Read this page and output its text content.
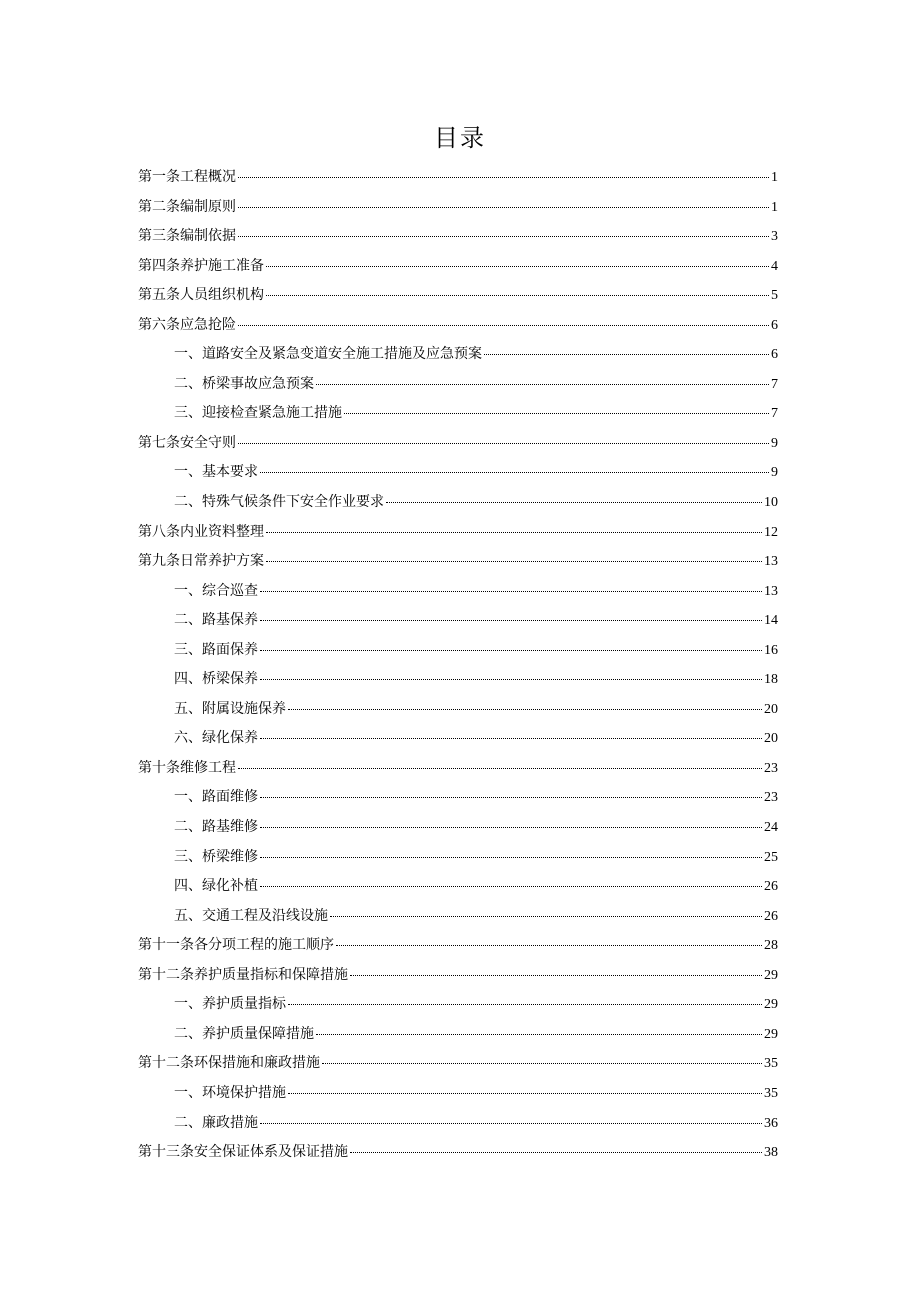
目录
第一条工程概况	1
第二条编制原则	1
第三条编制依据	3
第四条养护施工准备	4
第五条人员组织机构	5
第六条应急抢险	6
一、道路安全及紧急变道安全施工措施及应急预案	6
二、桥梁事故应急预案	7
三、迎接检查紧急施工措施	7
第七条安全守则	9
一、基本要求	9
二、特殊气候条件下安全作业要求	10
第八条内业资料整理	12
第九条日常养护方案	13
一、综合巡查	13
二、路基保养	14
三、路面保养	16
四、桥梁保养	18
五、附属设施保养	20
六、绿化保养	20
第十条维修工程	23
一、路面维修	23
二、路基维修	24
三、桥梁维修	25
四、绿化补植	26
五、交通工程及沿线设施	26
第十一条各分项工程的施工顺序	28
第十二条养护质量指标和保障措施	29
一、养护质量指标	29
二、养护质量保障措施	29
第十二条环保措施和廉政措施	35
一、环境保护措施	35
二、廉政措施	36
第十三条安全保证体系及保证措施	38
